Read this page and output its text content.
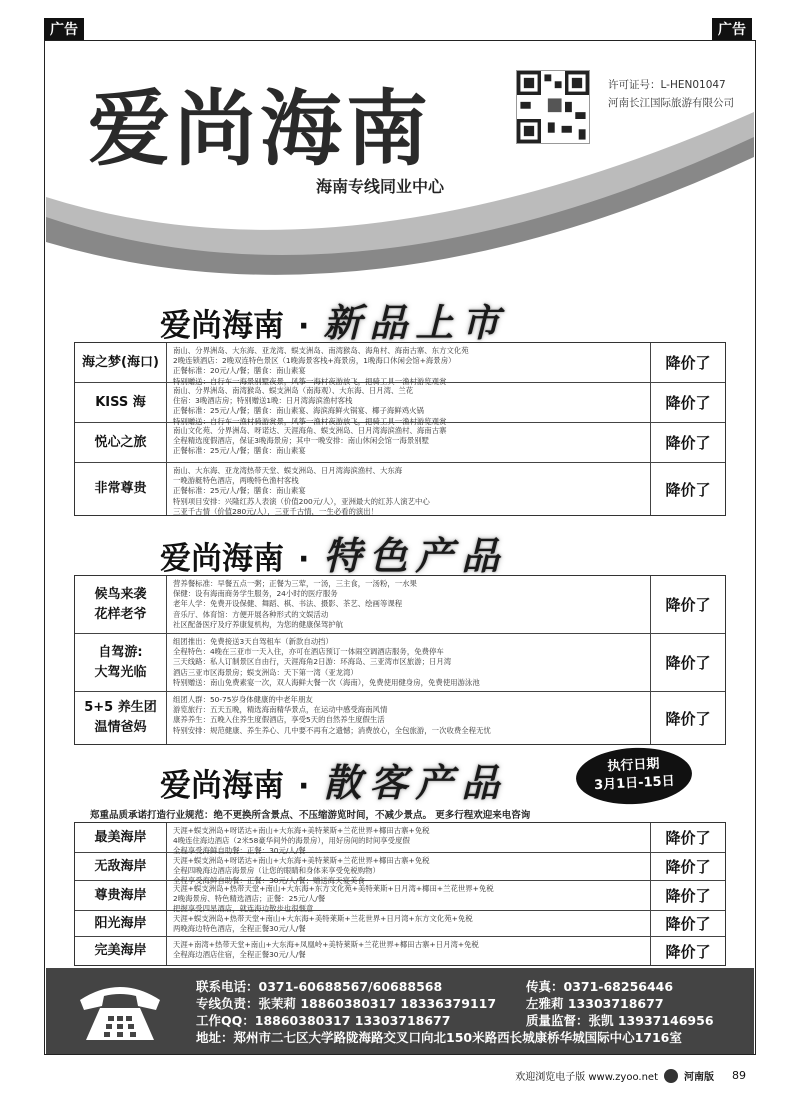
广告	广告
爱尚海南	许可证号：L-HEN01047
河南长江国际旅游有限公司
海南专线同业中心
爱尚海南 · 新品上市
海之梦(海口)
南山、分界洲岛、大东海、亚龙湾、蜈支洲岛、南湾猴岛、海角村、海南古寨、东方文化苑
2晚连锁酒店：2晚双连特色景区（1晚海景客栈+海景房，1晚海口休闲会馆+海景房）
正餐标准：20元/人/餐；膳食：南山素宴
特别赠送：自行车一海景别墅夜景，风筝一海村夜游放飞，把骑工具一渔村游览观赏
降价了
KISS 海
南山、分界洲岛、南湾猴岛、蜈支洲岛（南海观）、大东海、日月湾、兰花
住宿：3晚酒店房；特别赠送1晚：日月湾海滨渔村客栈
正餐标准：25元/人/餐；膳食：南山素宴、海滨海鲜火锅宴、椰子海鲜鸡火锅
特别赠送：自行车一渔村骑游赏景，风筝一渔村夜游放飞，把骑工具一渔村游览观赏
降价了
悦心之旅
南山文化苑、分界洲岛、呀诺达、天涯海角、蜈支洲岛、日月湾海滨渔村、海南古寨
全程精选度假酒店，保证3晚海景房；其中一晚安排：南山休闲会馆一海景别墅
正餐标准：25元/人/餐；膳食：南山素宴	降价了
非常尊贵
南山、大东海、亚龙湾热带天堂、蜈支洲岛、日月湾海滨渔村、大东海
一晚游艇特色酒店，两晚特色渔村客栈
正餐标准：25元/人/餐；膳食：南山素宴
特别项目安排：兴隆红苏人表演（价值200元/人），亚洲最大的红苏人演艺中心
三亚千古情（价值280元/人），三亚千古情，一生必看的演出！
降价了
爱尚海南 · 特色产品
候鸟来袭
花样老爷
营养餐标准：早餐五点一粥；正餐为三荤，一汤，三主食，一汤粉，一水果
保健：设有海南商务学生服务，24小时的医疗服务
老年人学：免费开设保健、舞蹈、棋、书法、摄影、茶艺、绘画等课程
音乐厅、体育馆：方便开展各种形式的文娱活动
社区配备医疗及疗养康复机构，为您的健康保驾护航
降价了
自驾游:
大驾光临
组团推出：免费接送3天自驾租车（新款自动挡）
全程特色：4晚在三亚市一天入住，亦可在酒店预订一体闹空调酒店服务，免费停车
三天线路：私人订制景区自由行，天涯海角2日游：环海岛、三亚湾市区旅游；日月湾
酒店三亚市区海景房；蜈支洲岛：天下第一湾（亚龙湾）
特别赠送：南山免费素宴一次，双人海鲜大餐一次（海南），免费使用健身房，免费使用游泳池
降价了
5+5 养生团
温情爸妈
组团人群：50-75岁身体健康的中老年朋友
游览旅行：五天五晚，精选海南精华景点，在运动中感受海南风情
康养养生：五晚入住养生度假酒店，享受5天的自然养生度假生活
特别安排：规范健康、养生养心、几中要不再有之遗憾；消费放心，全包旅游，一次收费全程无忧
降价了
爱尚海南 · 散客产品	执行日期
3月1日-15日
郑重品质承诺打造行业规范：绝不更换所含景点、不压缩游览时间，不减少景点。 更多行程欢迎来电咨询
最美海岸	天涯+蜈支洲岛+呀诺达+南山+大东海+美特莱斯+兰花世界+椰田古寨+免税
4晚连住海边酒店（2米58豪华间外的海景房），用好房间的时间享受度假
全程享受海鲜自助餐：正餐：30元/人/餐
降价了
无敌海岸	天涯+蜈支洲岛+呀诺达+南山+大东海+美特莱斯+兰花世界+椰田古寨+免税
全程四晚海边酒店海景房（让您的眼睛和身体来享受免税购物）
全程享受海鲜自助餐：正餐：30元/人/餐；赠送海天宴美食
降价了
尊贵海岸	天涯+蜈支洲岛+热带天堂+南山+大东海+东方文化苑+美特莱斯+日月湾+椰田+兰花世界+免税
2晚海景房、特色精选酒店；正餐：25元/人/餐
把握享受四星酒店，就连海边散步也很惬意
降价了
阳光海岸	天涯+蜈支洲岛+热带天堂+南山+大东海+美特莱斯+兰花世界+日月湾+东方文化苑+免税
两晚海边特色酒店，全程正餐30元/人/餐	降价了
完美海岸	天涯+南湾+热带天堂+南山+大东海+凤凰岭+美特莱斯+兰花世界+椰田古寨+日月湾+免税
全程海边酒店住宿，全程正餐30元/人/餐	降价了
联系电话：0371-60688567/60688568	传真：0371-68256446
专线负责：张茉莉 18860380317 18336379117	左雅莉 13303718677
工作QQ：18860380317 13303718677	质量监督：张凯 13937146956
地址：郑州市二七区大学路陇海路交叉口向北150米路西长城康桥华城国际中心1716室
欢迎浏览电子版 www.zyoo.net	河南版 89
